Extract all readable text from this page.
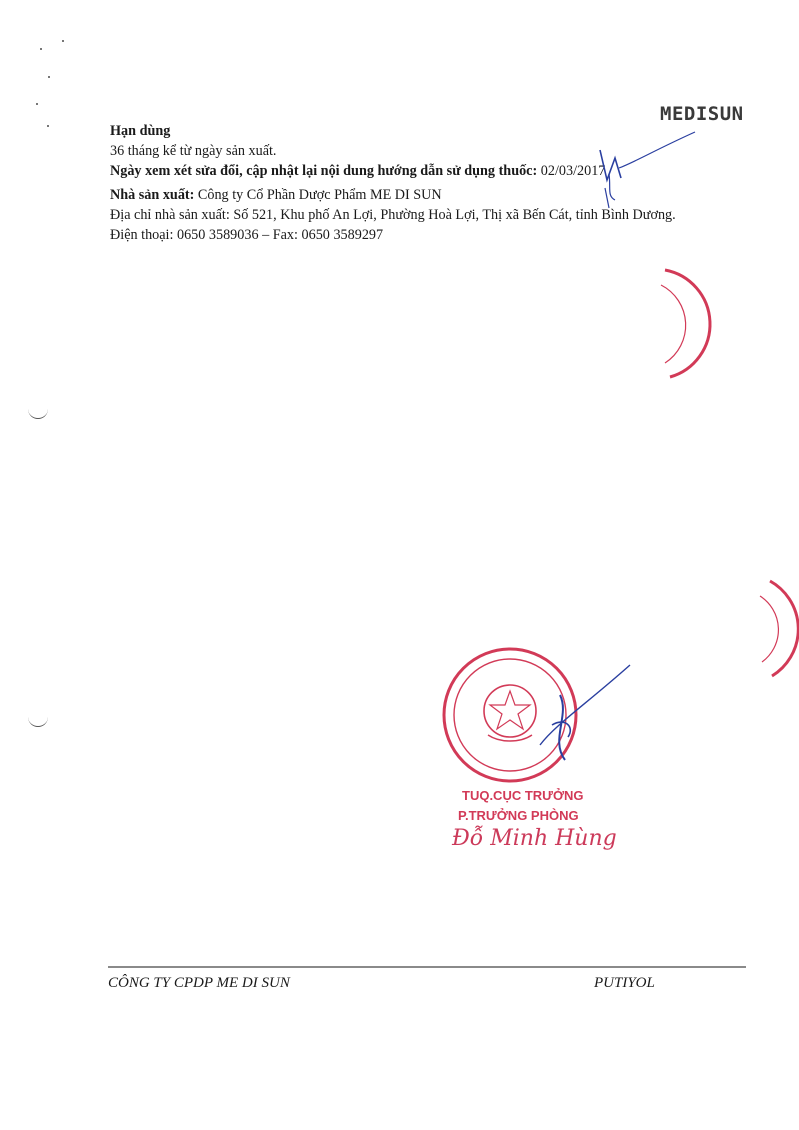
MEDISUN
Hạn dùng
36 tháng kể từ ngày sản xuất.
Ngày xem xét sửa đổi, cập nhật lại nội dung hướng dẫn sử dụng thuốc: 02/03/2017
Nhà sản xuất: Công ty Cổ Phần Dược Phẩm ME DI SUN
Địa chỉ nhà sản xuất: Số 521, Khu phố An Lợi, Phường Hoà Lợi, Thị xã Bến Cát, tỉnh Bình Dương.
Điện thoại: 0650 3589036 – Fax: 0650 3589297
TUQ.CỤC TRƯỞNG
P.TRƯỞNG PHÒNG
Đỗ Minh Hùng
CÔNG TY CPDP ME DI SUN	PUTIYOL
